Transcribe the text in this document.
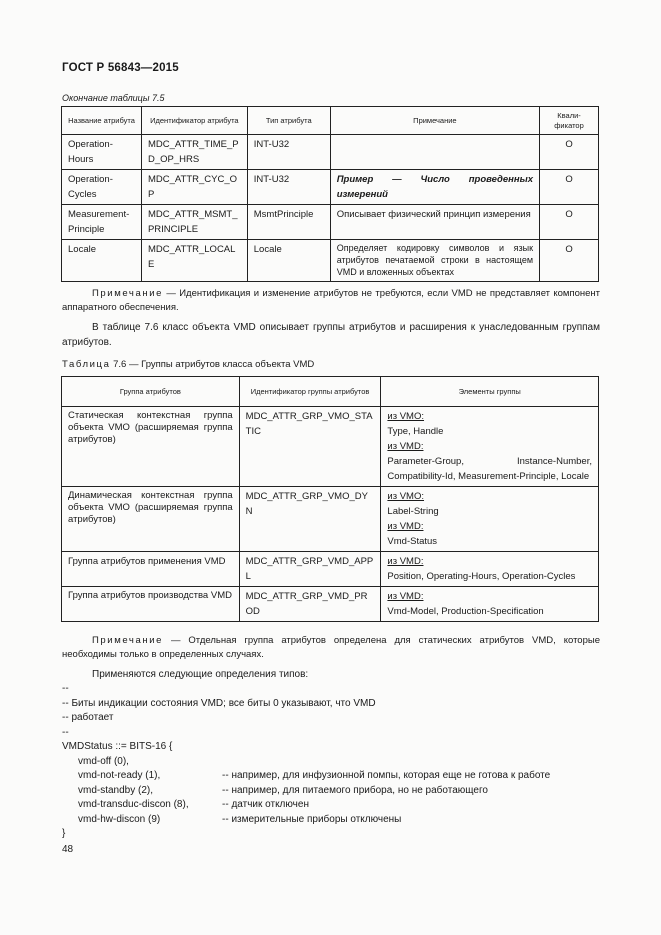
ГОСТ Р 56843—2015
Окончание таблицы 7.5
Название атрибута	Идентификатор атрибута	Тип атрибута	Примечание	Квали-фикатор
Operation-Hours	MDC_ATTR_TIME_PD_OP_HRS	INT-U32		O
Operation-Cycles	MDC_ATTR_CYC_OP	INT-U32	Пример — Число проведенных измерений	O
Measurement-Principle	MDC_ATTR_MSMT_PRINCIPLE	MsmtPrinciple	Описывает физический принцип измерения	O
Locale	MDC_ATTR_LOCALE	Locale	Определяет кодировку символов и язык атрибутов печатаемой строки в настоящем VMD и вложенных объектах	O
Примечание — Идентификация и изменение атрибутов не требуются, если VMD не представляет компонент аппаратного обеспечения.
В таблице 7.6 класс объекта VMD описывает группы атрибутов и расширения к унаследованным группам атрибутов.
Таблица 7.6 — Группы атрибутов класса объекта VMD
Группа атрибутов	Идентификатор группы атрибутов	Элементы группы
Статическая контекстная группа объекта VMO (расширяемая группа атрибутов)	MDC_ATTR_GRP_VMO_STATIC	из VMO:
Type, Handle
из VMD:
Parameter-Group, Instance-Number, Compatibility-Id, Measurement-Principle, Locale

Динамическая контекстная группа объекта VMO (расширяемая группа атрибутов)	MDC_ATTR_GRP_VMO_DYN	из VMO:
Label-String
из VMD:
Vmd-Status

Группа атрибутов применения VMD	MDC_ATTR_GRP_VMD_APPL	из VMD:
Position, Operating-Hours, Operation-Cycles

Группа атрибутов производства VMD	MDC_ATTR_GRP_VMD_PROD	из VMD:
Vmd-Model, Production-Specification
Примечание — Отдельная группа атрибутов определена для статических атрибутов VMD, которые необходимы только в определенных случаях.
Применяются следующие определения типов:
--
-- Биты индикации состояния VMD; все биты 0 указывают, что VMD
-- работает
--
VMDStatus ::= BITS-16 {
vmd-off (0),
vmd-not-ready (1),	-- например, для инфузионной помпы, которая еще не готова к работе
vmd-standby (2),	-- например, для питаемого прибора, но не работающего
vmd-transduc-discon (8),	-- датчик отключен
vmd-hw-discon (9)	-- измерительные приборы отключены
}
48
